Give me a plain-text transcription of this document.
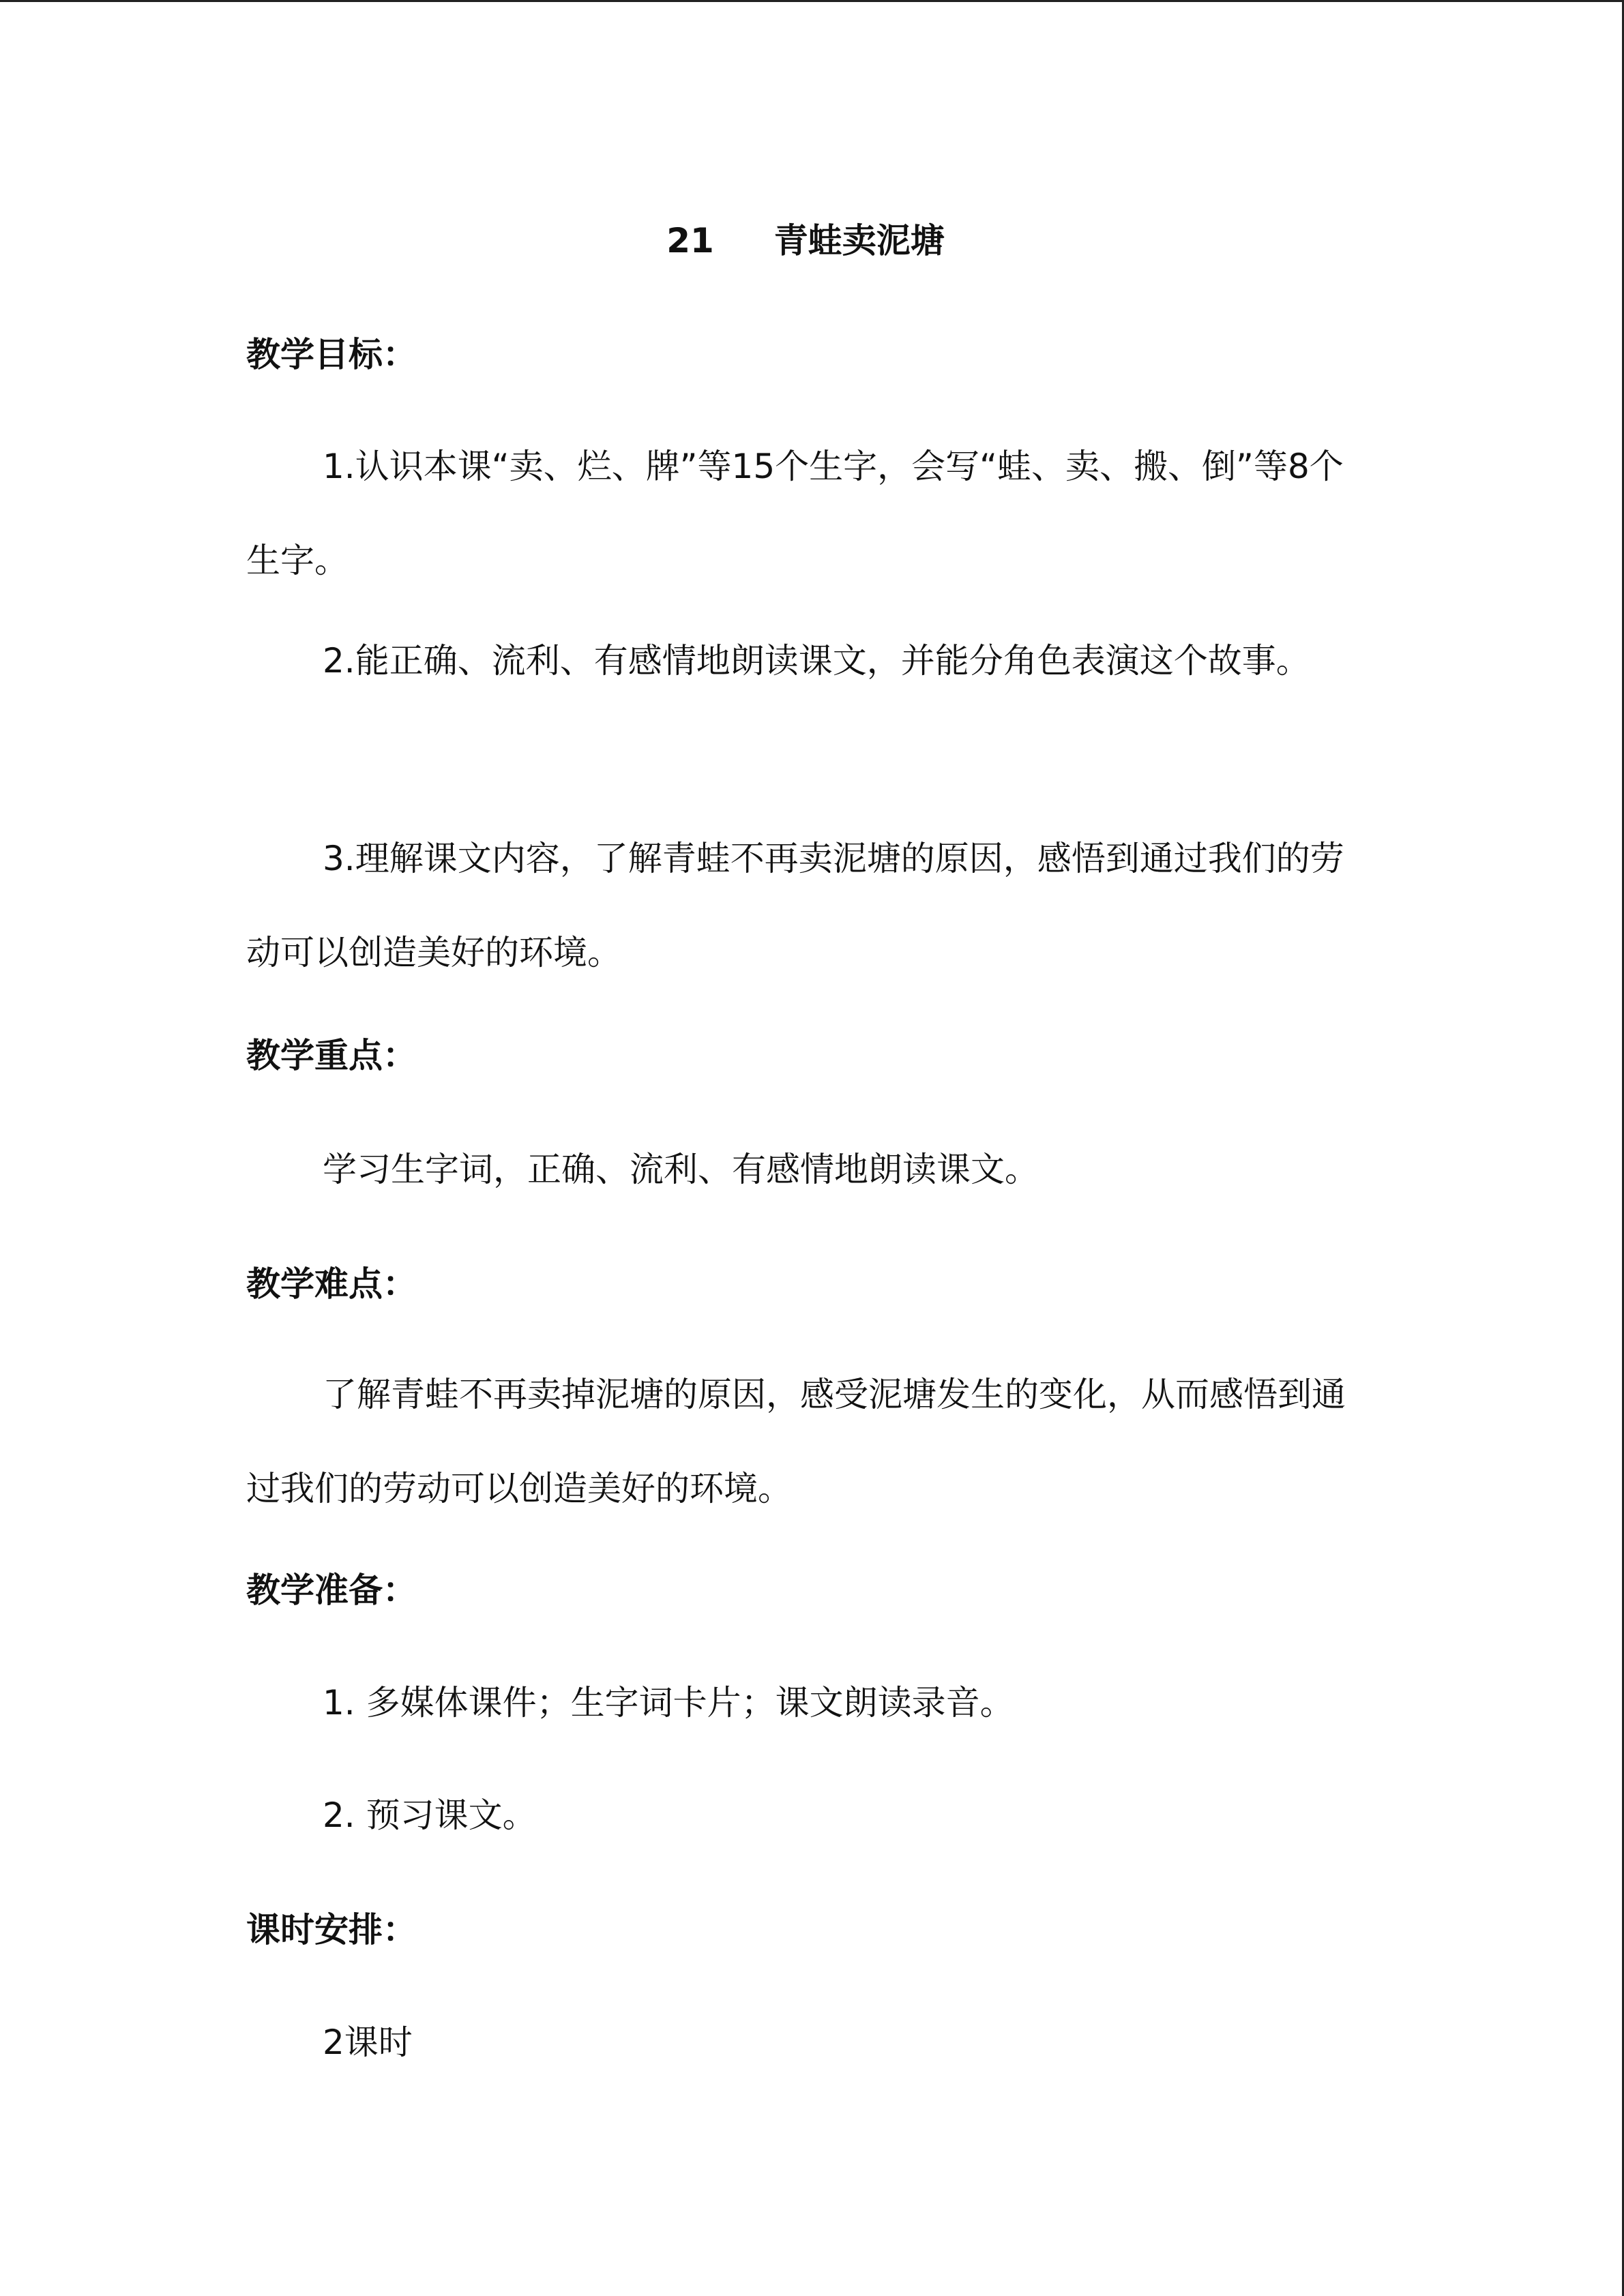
21 青蛙卖泥塘
教学目标：
1.认识本课“卖、烂、牌”等15个生字，会写“蛙、卖、搬、倒”等8个生字。
2.能正确、流利、有感情地朗读课文，并能分角色表演这个故事。
3.理解课文内容，了解青蛙不再卖泥塘的原因，感悟到通过我们的劳动可以创造美好的环境。
教学重点：
学习生字词，正确、流利、有感情地朗读课文。
教学难点：
了解青蛙不再卖掉泥塘的原因，感受泥塘发生的变化，从而感悟到通过我们的劳动可以创造美好的环境。
教学准备：
1. 多媒体课件；生字词卡片；课文朗读录音。
2. 预习课文。
课时安排：
2课时
